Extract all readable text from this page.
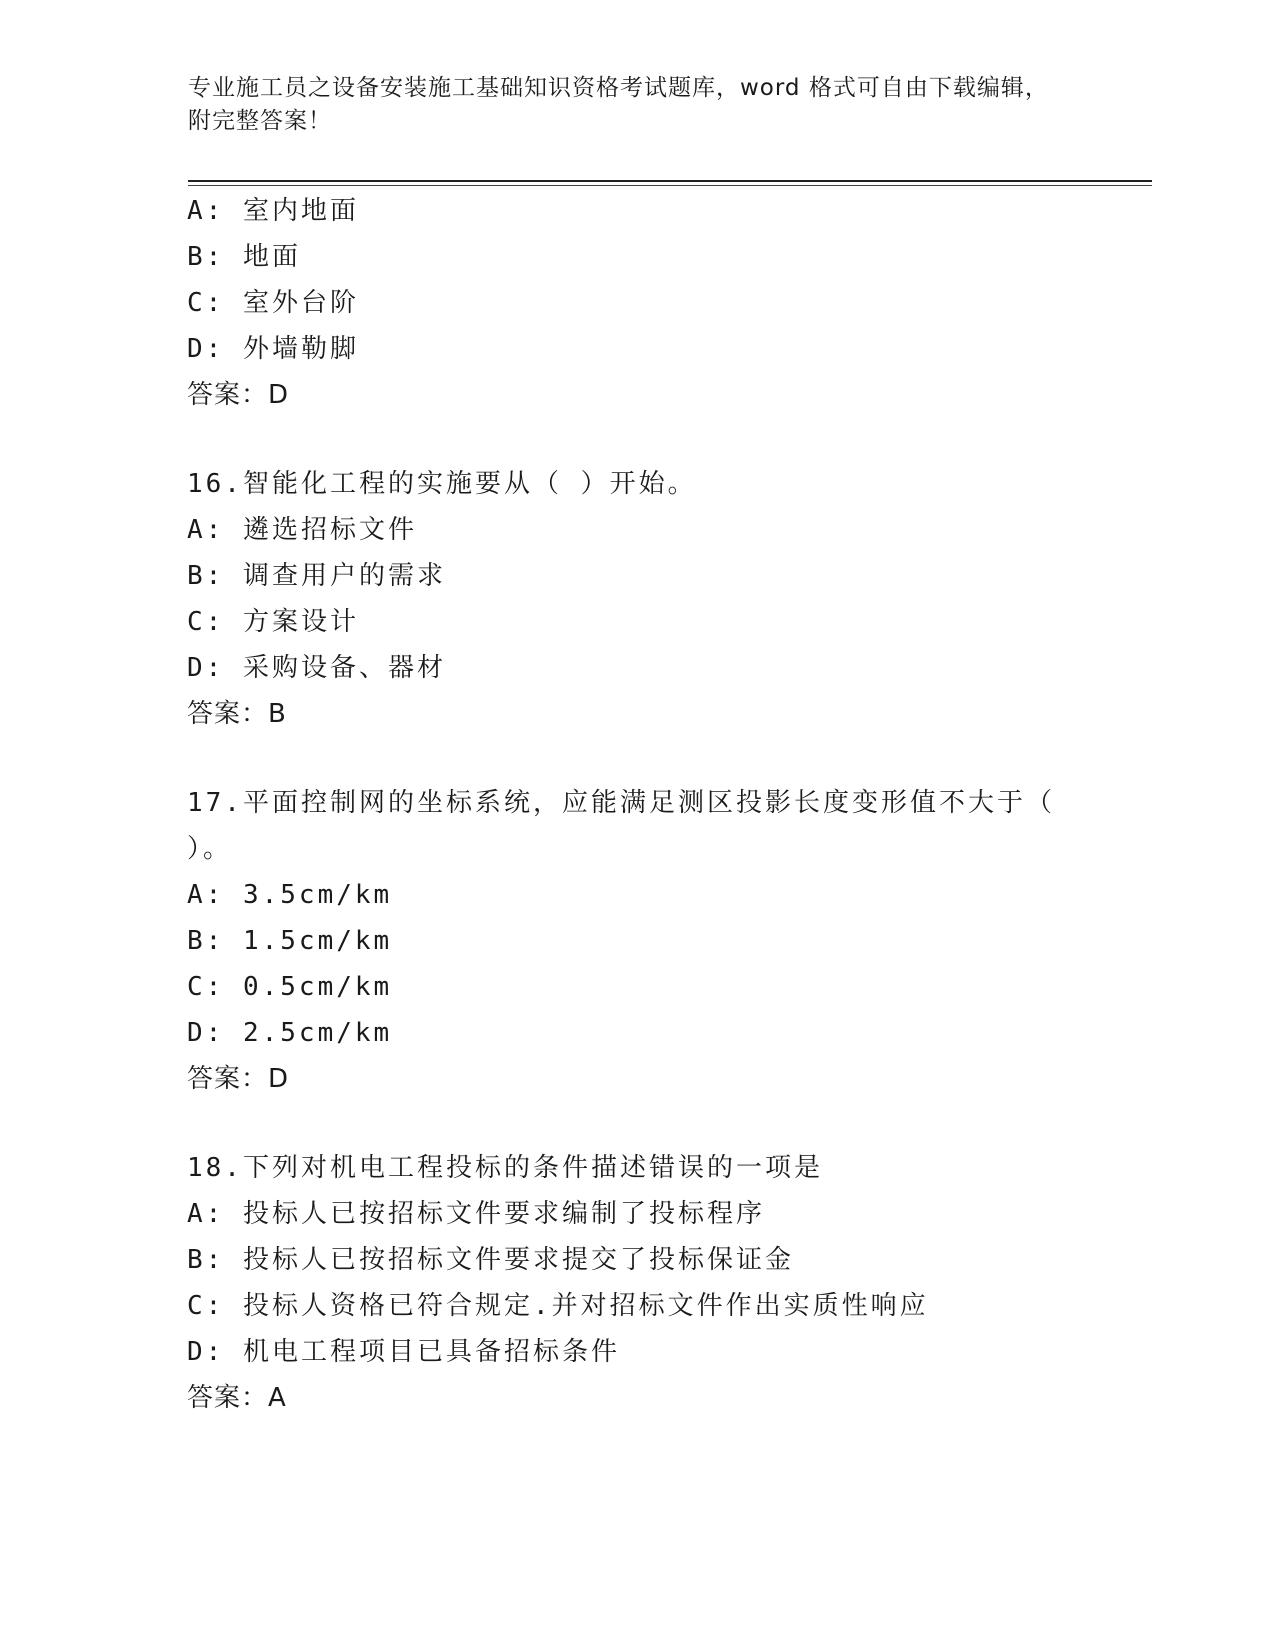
专业施工员之设备安装施工基础知识资格考试题库，word 格式可自由下载编辑，
附完整答案！
A: 室内地面
B: 地面
C: 室外台阶
D: 外墙勒脚
答案：D
16.智能化工程的实施要从（ ）开始。
A: 遴选招标文件
B: 调查用户的需求
C: 方案设计
D: 采购设备、器材
答案：B
17.平面控制网的坐标系统，应能满足测区投影长度变形值不大于（
）。
A: 3.5cm/km
B: 1.5cm/km
C: 0.5cm/km
D: 2.5cm/km
答案：D
18.下列对机电工程投标的条件描述错误的一项是
A: 投标人已按招标文件要求编制了投标程序
B: 投标人已按招标文件要求提交了投标保证金
C: 投标人资格已符合规定.并对招标文件作出实质性响应
D: 机电工程项目已具备招标条件
答案：A
